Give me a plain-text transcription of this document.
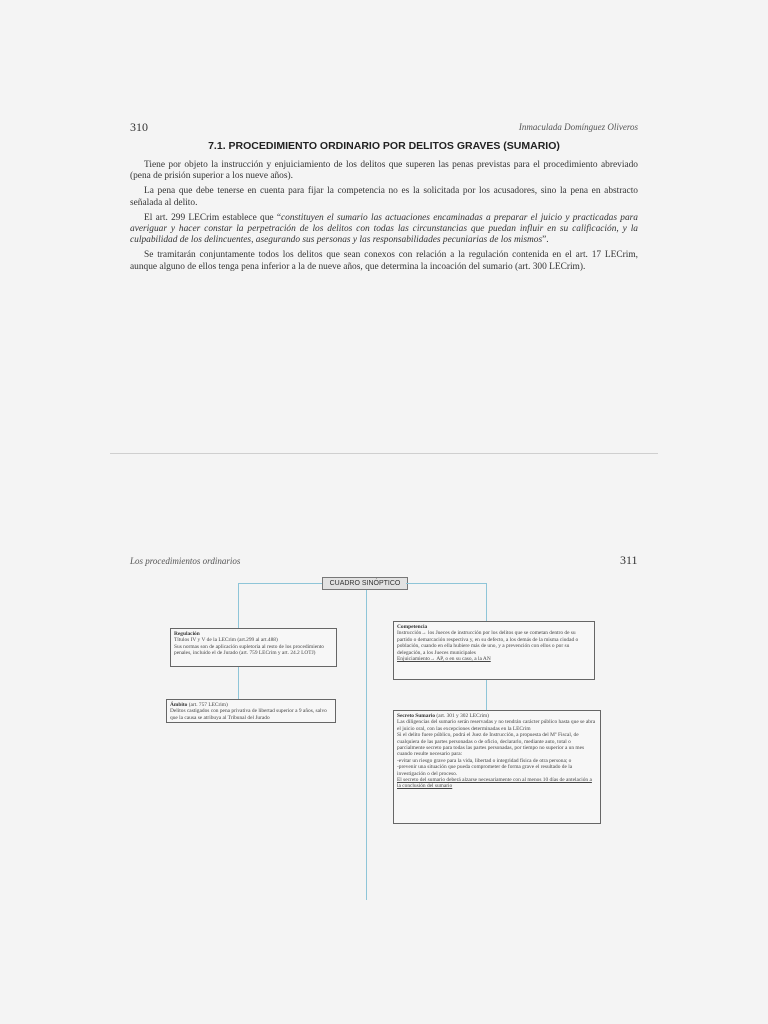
310	Inmaculada Domínguez Oliveros
7.1. PROCEDIMIENTO ORDINARIO POR DELITOS GRAVES (SUMARIO)

Tiene por objeto la instrucción y enjuiciamiento de los delitos que superen las penas previstas para el procedimiento abreviado (pena de prisión superior a los nueve años).

La pena que debe tenerse en cuenta para fijar la competencia no es la solicitada por los acusadores, sino la pena en abstracto señalada al delito.

El art. 299 LECrim establece que “constituyen el sumario las actuaciones encaminadas a preparar el juicio y practicadas para averiguar y hacer constar la perpetración de los delitos con todas las circunstancias que puedan influir en su calificación, y la culpabilidad de los delincuentes, asegurando sus personas y las responsabilidades pecuniarias de los mismos”.

Se tramitarán conjuntamente todos los delitos que sean conexos con relación a la regulación contenida en el art. 17 LECrim, aunque alguno de ellos tenga pena inferior a la de nueve años, que determina la incoación del sumario (art. 300 LECrim).

Los procedimientos ordinarios	311
CUADRO SINÓPTICO
Regulación
Títulos IV y V de la LECrim (art.299 al art.488)
Sus normas son de aplicación supletoria al resto de los procedimiento penales, incluido el de Jurado (art. 759 LECrim y art. 24.2 LOTJ)
Ámbito (art. 757 LECrim)
Delitos castigados con pena privativa de libertad superior a 9 años, salvo que la causa se atribuya al Tribunal del Jurado
Competencia
Instrucción→ los Jueces de instrucción por los delitos que se cometan dentro de su partido o demarcación respectiva y, en su defecto, a los demás de la misma ciudad o población, cuando en ella hubiere más de uno, y a prevención con ellos o por su delegación, a los Jueces municipales
Enjuiciamiento→ AP, o en su caso, a la AN
Secreto Sumario (art. 301 y 302 LECrim)
Las diligencias del sumario serán reservadas y no tendrán carácter público hasta que se abra el juicio oral, con las excepciones determinadas en la LECrim
Si el delito fuere público, podrá el Juez de Instrucción, a propuesta del Mº Fiscal, de cualquiera de las partes personadas o de oficio, declararlo, mediante auto, total o parcialmente secreto para todas las partes personadas, por tiempo no superior a un mes cuando resulte necesario para:
-evitar un riesgo grave para la vida, libertad o integridad física de otra persona; o
-prevenir una situación que pueda comprometer de forma grave el resultado de la investigación o del proceso.
El secreto del sumario deberá alzarse necesariamente con al menos 10 días de antelación a la conclusión del sumario
